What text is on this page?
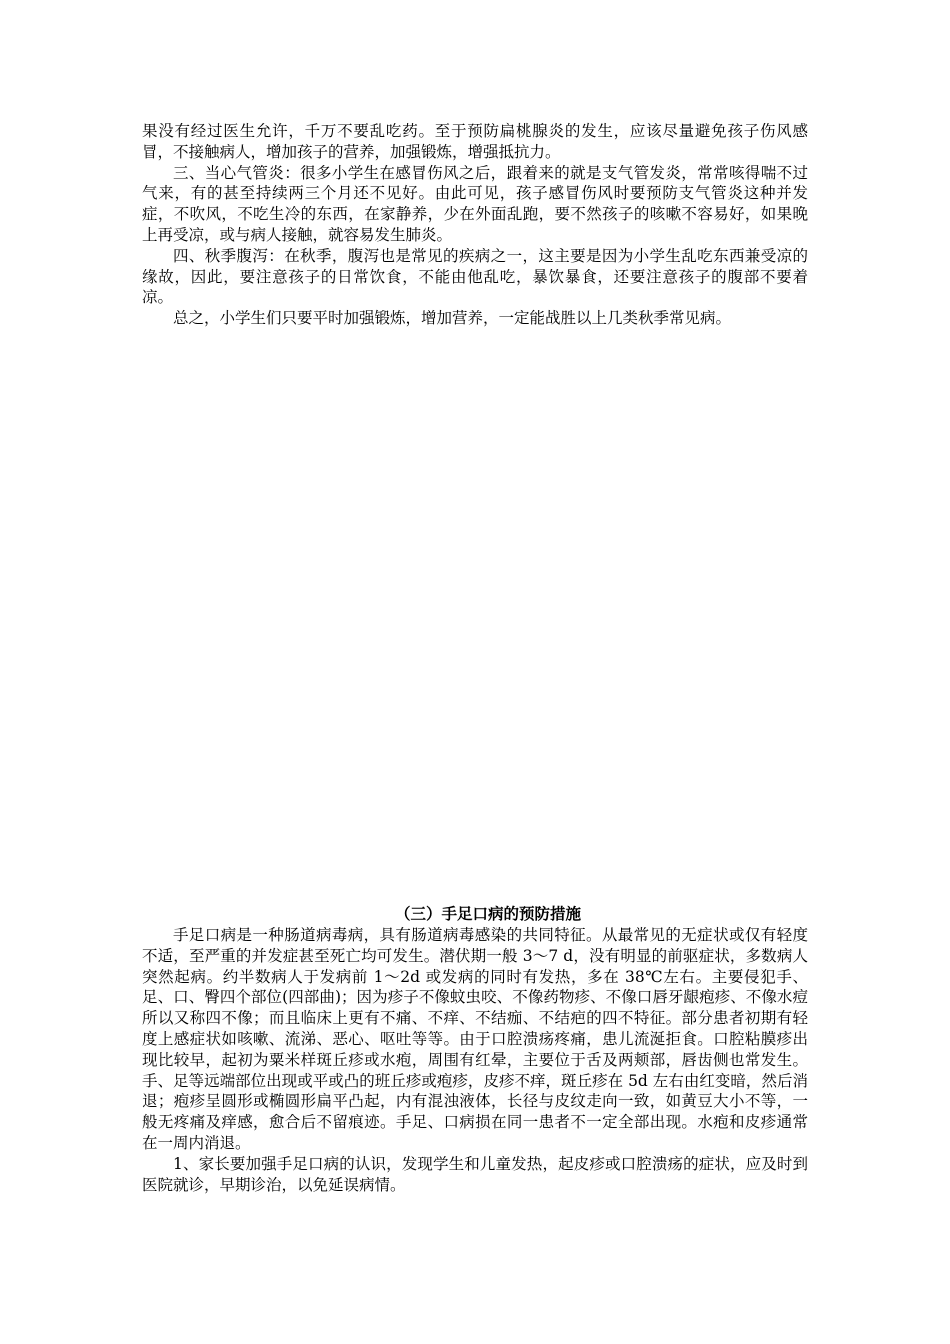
果没有经过医生允许，千万不要乱吃药。至于预防扁桃腺炎的发生，应该尽量避免孩子伤风感冒，不接触病人，增加孩子的营养，加强锻炼，增强抵抗力。

三、当心气管炎：很多小学生在感冒伤风之后，跟着来的就是支气管发炎，常常咳得喘不过气来，有的甚至持续两三个月还不见好。由此可见，孩子感冒伤风时要预防支气管炎这种并发症，不吹风，不吃生冷的东西，在家静养，少在外面乱跑，要不然孩子的咳嗽不容易好，如果晚上再受凉，或与病人接触，就容易发生肺炎。

四、秋季腹泻：在秋季，腹泻也是常见的疾病之一，这主要是因为小学生乱吃东西兼受凉的缘故，因此，要注意孩子的日常饮食，不能由他乱吃，暴饮暴食，还要注意孩子的腹部不要着凉。

总之，小学生们只要平时加强锻炼，增加营养，一定能战胜以上几类秋季常见病。

（三）手足口病的预防措施

手足口病是一种肠道病毒病，具有肠道病毒感染的共同特征。从最常见的无症状或仅有轻度不适，至严重的并发症甚至死亡均可发生。潜伏期一般 3～7 d，没有明显的前驱症状，多数病人突然起病。约半数病人于发病前 1～2d 或发病的同时有发热，多在 38℃左右。主要侵犯手、足、口、臀四个部位(四部曲)；因为疹子不像蚊虫咬、不像药物疹、不像口唇牙龈疱疹、不像水痘所以又称四不像；而且临床上更有不痛、不痒、不结痂、不结疤的四不特征。部分患者初期有轻度上感症状如咳嗽、流涕、恶心、呕吐等等。由于口腔溃疡疼痛，患儿流涎拒食。口腔粘膜疹出现比较早，起初为粟米样斑丘疹或水疱，周围有红晕，主要位于舌及两颊部，唇齿侧也常发生。手、足等远端部位出现或平或凸的班丘疹或疱疹，皮疹不痒，斑丘疹在 5d 左右由红变暗，然后消退；疱疹呈圆形或椭圆形扁平凸起，内有混浊液体，长径与皮纹走向一致，如黄豆大小不等，一般无疼痛及痒感，愈合后不留痕迹。手足、口病损在同一患者不一定全部出现。水疱和皮疹通常在一周内消退。

1、家长要加强手足口病的认识，发现学生和儿童发热，起皮疹或口腔溃疡的症状，应及时到医院就诊，早期诊治，以免延误病情。
